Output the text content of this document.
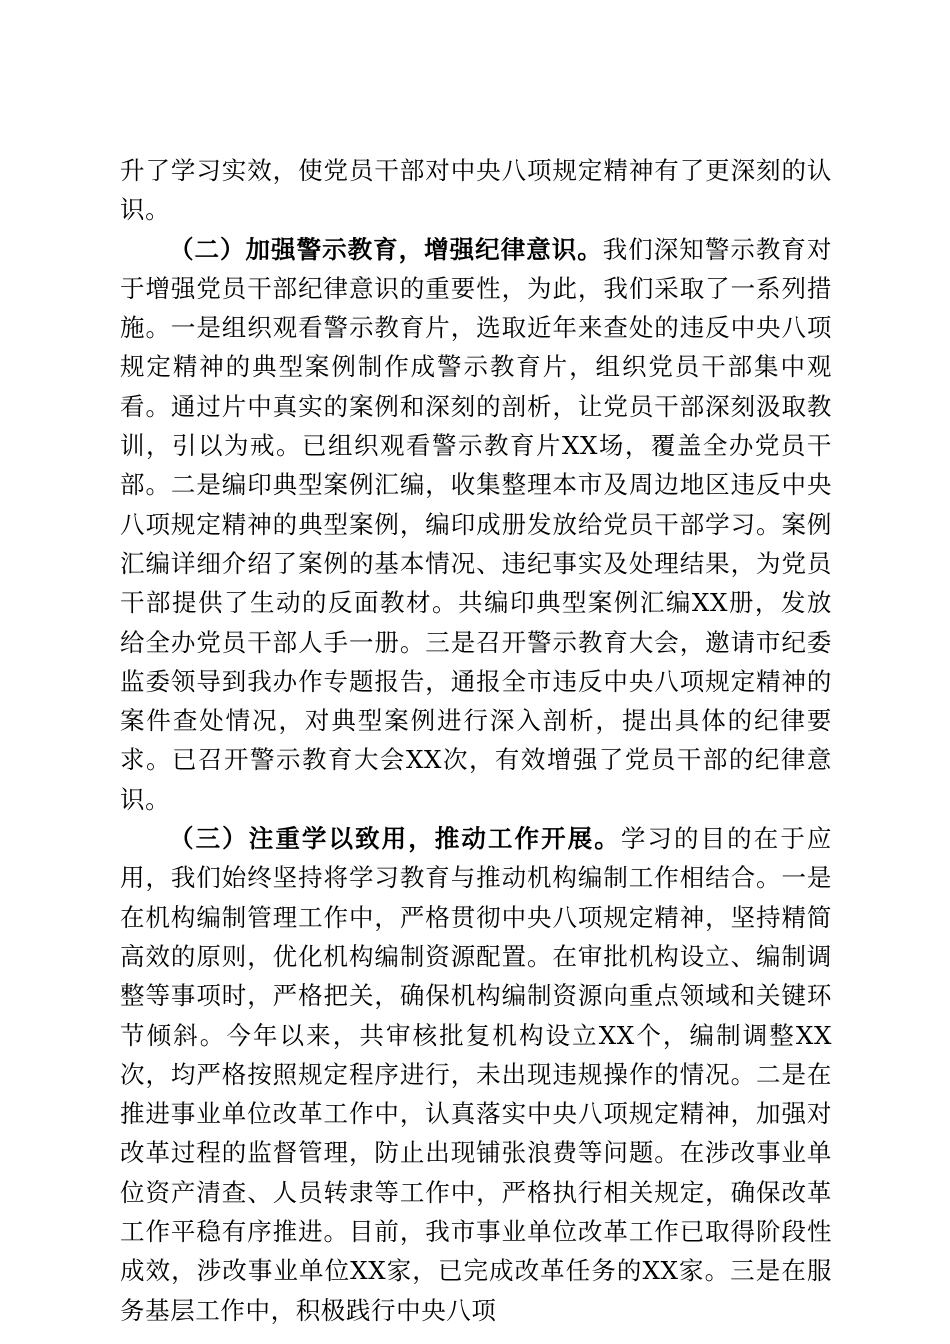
升了学习实效，使党员干部对中央八项规定精神有了更深刻的认识。

（二）加强警示教育，增强纪律意识。我们深知警示教育对于增强党员干部纪律意识的重要性，为此，我们采取了一系列措施。一是组织观看警示教育片，选取近年来查处的违反中央八项规定精神的典型案例制作成警示教育片，组织党员干部集中观看。通过片中真实的案例和深刻的剖析，让党员干部深刻汲取教训，引以为戒。已组织观看警示教育片XX场，覆盖全办党员干部。二是编印典型案例汇编，收集整理本市及周边地区违反中央八项规定精神的典型案例，编印成册发放给党员干部学习。案例汇编详细介绍了案例的基本情况、违纪事实及处理结果，为党员干部提供了生动的反面教材。共编印典型案例汇编XX册，发放给全办党员干部人手一册。三是召开警示教育大会，邀请市纪委监委领导到我办作专题报告，通报全市违反中央八项规定精神的案件查处情况，对典型案例进行深入剖析，提出具体的纪律要求。已召开警示教育大会XX次，有效增强了党员干部的纪律意识。

（三）注重学以致用，推动工作开展。学习的目的在于应用，我们始终坚持将学习教育与推动机构编制工作相结合。一是在机构编制管理工作中，严格贯彻中央八项规定精神，坚持精简高效的原则，优化机构编制资源配置。在审批机构设立、编制调整等事项时，严格把关，确保机构编制资源向重点领域和关键环节倾斜。今年以来，共审核批复机构设立XX个，编制调整XX次，均严格按照规定程序进行，未出现违规操作的情况。二是在推进事业单位改革工作中，认真落实中央八项规定精神，加强对改革过程的监督管理，防止出现铺张浪费等问题。在涉改事业单位资产清查、人员转隶等工作中，严格执行相关规定，确保改革工作平稳有序推进。目前，我市事业单位改革工作已取得阶段性成效，涉改事业单位XX家，已完成改革任务的XX家。三是在服务基层工作中，积极践行中央八项
